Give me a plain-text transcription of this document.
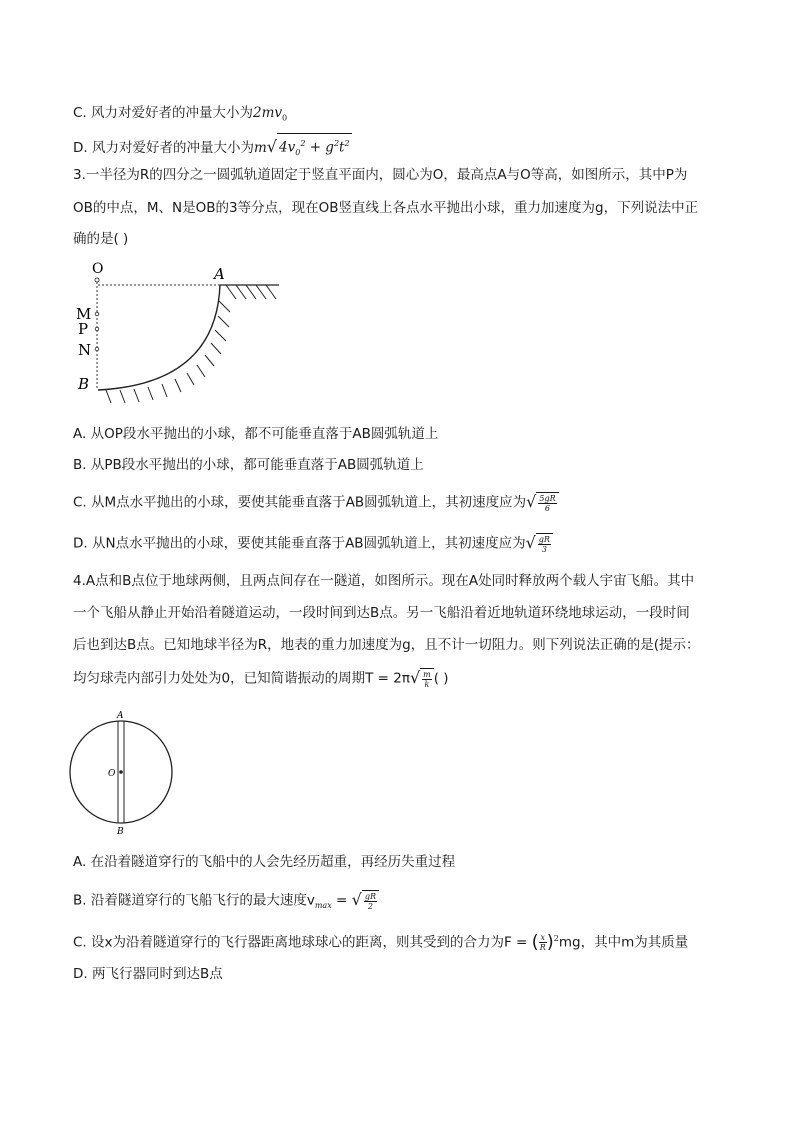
C. 风力对爱好者的冲量大小为$2mv_0$
D. 风力对爱好者的冲量大小为m√ $4v_0^2 + g^2t^2$
3.一半径为R的四分之一圆弧轨道固定于竖直平面内，圆心为O，最高点A与O等高，如图所示，其中P为
OB的中点，M、N是OB的3等分点，现在OB竖直线上各点水平抛出小球，重力加速度为g，下列说法中正
确的是( )
O	A
M
P
N
B
A. 从OP段水平抛出的小球，都不可能垂直落于AB圆弧轨道上
B. 从PB段水平抛出的小球，都可能垂直落于AB圆弧轨道上
C. 从M点水平抛出的小球，要使其能垂直落于AB圆弧轨道上，其初速度应为√ $\frac{5gR}{6}$
D. 从N点水平抛出的小球，要使其能垂直落于AB圆弧轨道上，其初速度应为√ $\frac{gR}{3}$
4.A点和B点位于地球两侧，且两点间存在一隧道，如图所示。现在A处同时释放两个载人宇宙飞船。其中
一个飞船从静止开始沿着隧道运动，一段时间到达B点。另一飞船沿着近地轨道环绕地球运动，一段时间
后也到达B点。已知地球半径为R，地表的重力加速度为g，且不计一切阻力。则下列说法正确的是(提示：
均匀球壳内部引力处处为0，已知简谐振动的周期$T = 2\pi√ \frac{m}{k}$ ( )
A
O
B
A. 在沿着隧道穿行的飞船中的人会先经历超重，再经历失重过程
B. 沿着隧道穿行的飞船飞行的最大速度$v_{max}$ = √ $\frac{gR}{2}$
C. 设x为沿着隧道穿行的飞行器距离地球球心的距离，则其受到的合力为F = ( $\frac{x}{R} )^2mg$，其中m为其质量
D. 两飞行器同时到达B点
